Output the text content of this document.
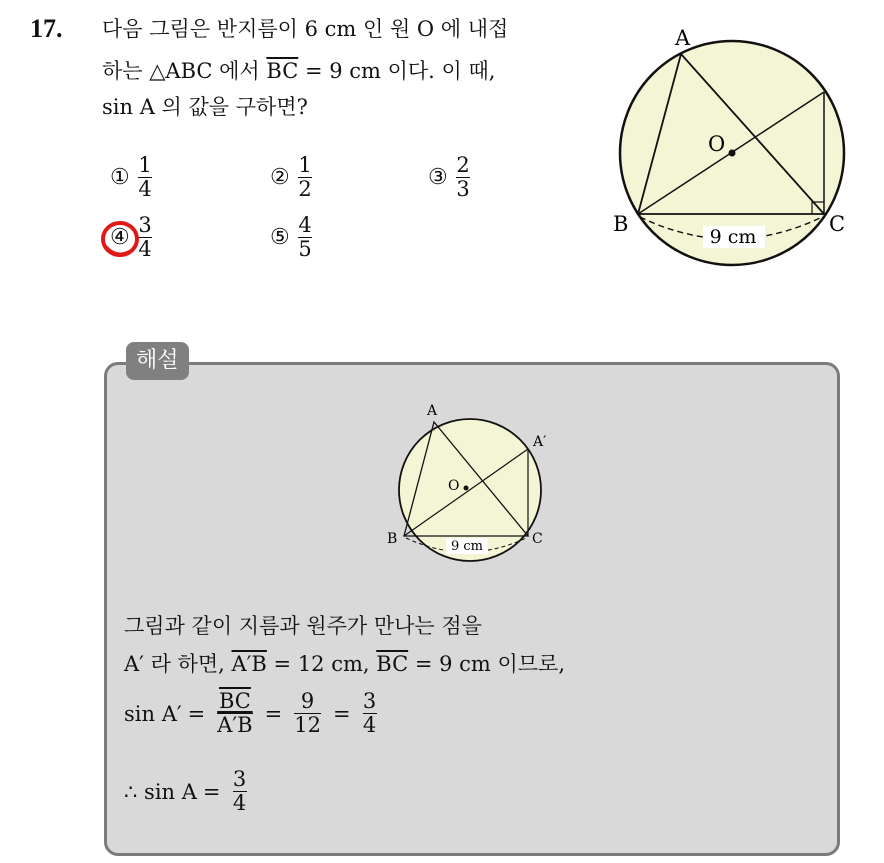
17. 다음 그림은 반지름이 6 cm 인 원 O 에 내접
하는 △ABC 에서 $\overline{BC} = 9$ cm 이다. 이 때,
sin A 의 값을 구하면?
① $\frac{1}{4}$	② $\frac{1}{2}$	③ $\frac{2}{3}$
④ $\frac{3}{4}$	⑤ $\frac{4}{5}$	9 cm
A
B	C
O
해설
9 cm
A
A′
B	C
O
그림과 같이 지름과 원주가 만나는 점을
A′ 라 하면, A′B = 12 cm, $\overline{BC} = 9$ cm 이므로,
$\sin A' = \frac{\overline{BC}}{A'B} = \frac{9}{12} = \frac{3}{4}$
∴ $\sin A = \frac{3}{4}$
